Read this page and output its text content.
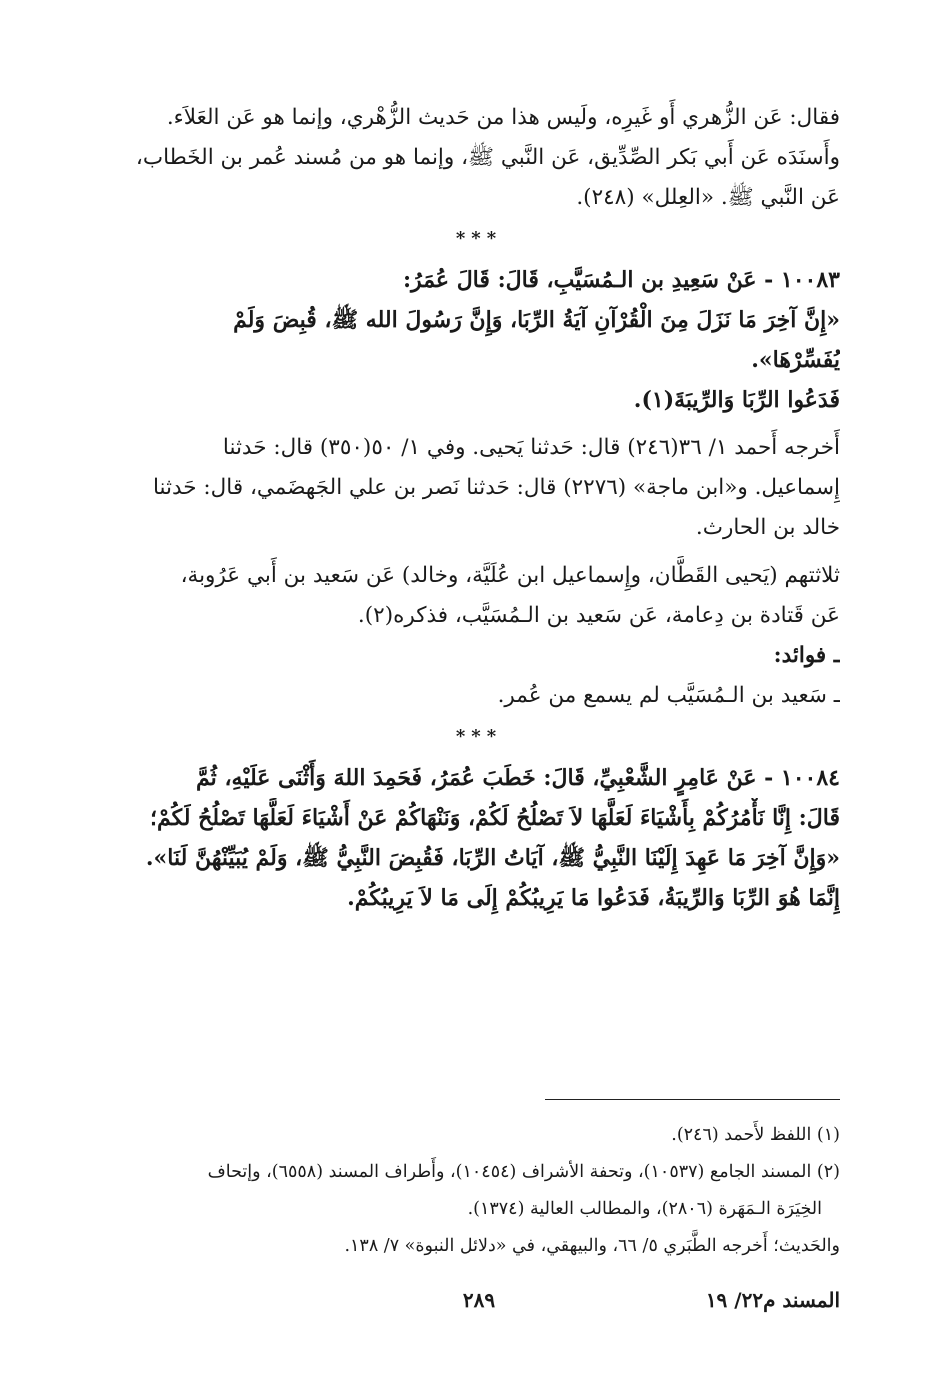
فقال: عَن الزُّهري أَو غَيرِه، ولَيس هذا من حَديث الزُّهْري، وإنما هو عَن العَلاَء.
وأَسنَدَه عَن أَبي بَكر الصِّدِّيق، عَن النَّبي ﷺ، وإنما هو من مُسند عُمر بن الخَطاب،
عَن النَّبي ﷺ. «العِلل» (٢٤٨).
***
١٠٠٨٣ - عَنْ سَعِيدِ بن الـمُسَيَّبِ، قَالَ: قَالَ عُمَرُ:
«إِنَّ آخِرَ مَا نَزَلَ مِنَ الْقُرْآنِ آيَةُ الرِّبَا، وَإِنَّ رَسُولَ الله ﷺ، قُبِضَ وَلَمْ
يُفَسِّرْهَا».
فَدَعُوا الرِّبَا وَالرِّيبَةَ(١).
أَخرجه أَحمد ١/ ٣٦(٢٤٦) قال: حَدثنا يَحيى. وفي ١/ ٥٠(٣٥٠) قال: حَدثنا
إِسماعيل. و«ابن ماجة» (٢٢٧٦) قال: حَدثنا نَصر بن علي الجَهضَمي، قال: حَدثنا
خالد بن الحارث.
ثلاثتهم (يَحيى القَطَّان، وإِسماعيل ابن عُلَيَّة، وخالد) عَن سَعيد بن أَبي عَرُوبة،
عَن قَتادة بن دِعامة، عَن سَعيد بن الـمُسَيَّب، فذكره(٢).
ـ فوائد:
ـ سَعيد بن الـمُسَيَّب لم يسمع من عُمر.
***
١٠٠٨٤ - عَنْ عَامِرٍ الشَّعْبِيِّ، قَالَ: خَطَبَ عُمَرُ، فَحَمِدَ اللهَ وَأَثْنَى عَلَيْهِ، ثُمَّ
قَالَ: إِنَّا نَأْمُرُكُمْ بِأَشْيَاءَ لَعَلَّهَا لاَ تَصْلُحُ لَكُمْ، وَنَنْهَاكُمْ عَنْ أَشْيَاءَ لَعَلَّهَا تَصْلُحُ لَكُمْ؛
«وَإِنَّ آخِرَ مَا عَهِدَ إِلَيْنَا النَّبِيُّ ﷺ، آيَاتُ الرِّبَا، فَقُبِضَ النَّبِيُّ ﷺ، وَلَمْ يُبَيِّنْهُنَّ لَنَا».
إِنَّمَا هُوَ الرِّبَا وَالرِّيبَةُ، فَدَعُوا مَا يَرِيبُكُمْ إِلَى مَا لاَ يَرِيبُكُمْ.
(١) اللفظ لأَحمد (٢٤٦).
(٢) المسند الجامع (١٠٥٣٧)، وتحفة الأشراف (١٠٤٥٤)، وأَطراف المسند (٦٥٥٨)، وإتحاف
الخِيَرَة الـمَهَرة (٢٨٠٦)، والمطالب العالية (١٣٧٤).
والحَديث؛ أَخرجه الطَّبَري ٥/ ٦٦، والبيهقي، في «دلائل النبوة» ٧/ ١٣٨.
المسند م٢٢/ ١٩
٢٨٩
